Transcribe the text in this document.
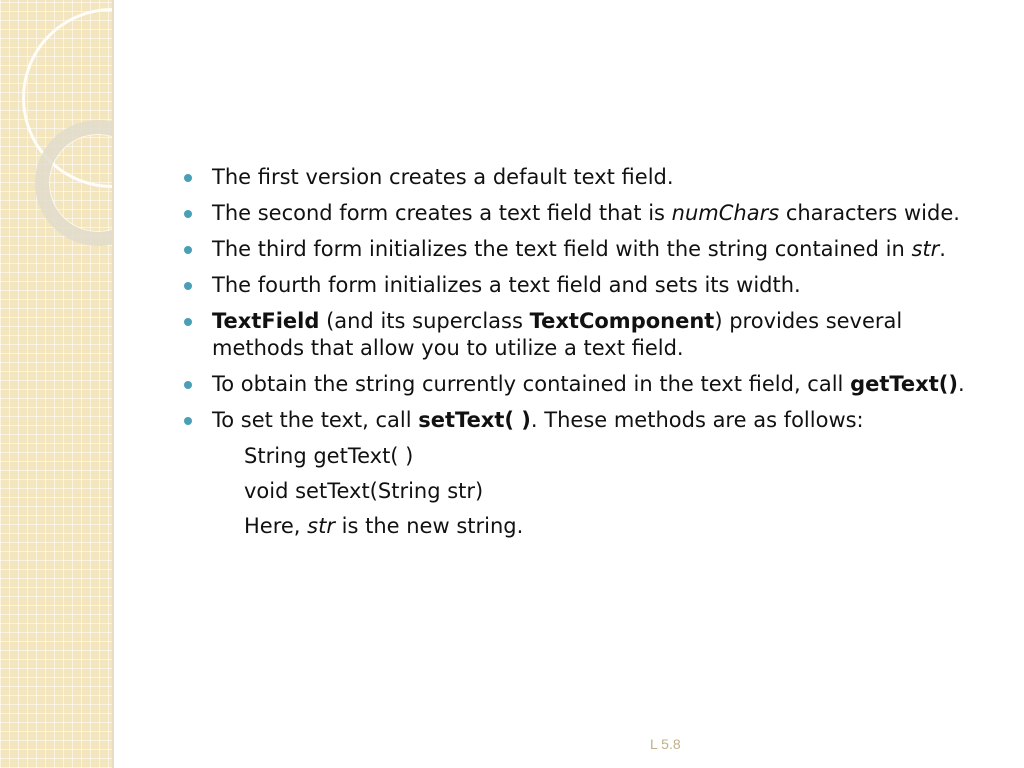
The first version creates a default text field.
The second form creates a text field that is numChars characters wide.
The third form initializes the text field with the string contained in str.
The fourth form initializes a text field and sets its width.
TextField (and its superclass TextComponent) provides several methods that allow you to utilize a text field.
To obtain the string currently contained in the text field, call getText().
To set the text, call setText( ). These methods are as follows:
String getText( )
void setText(String str)
Here, str is the new string.
L 5.8
